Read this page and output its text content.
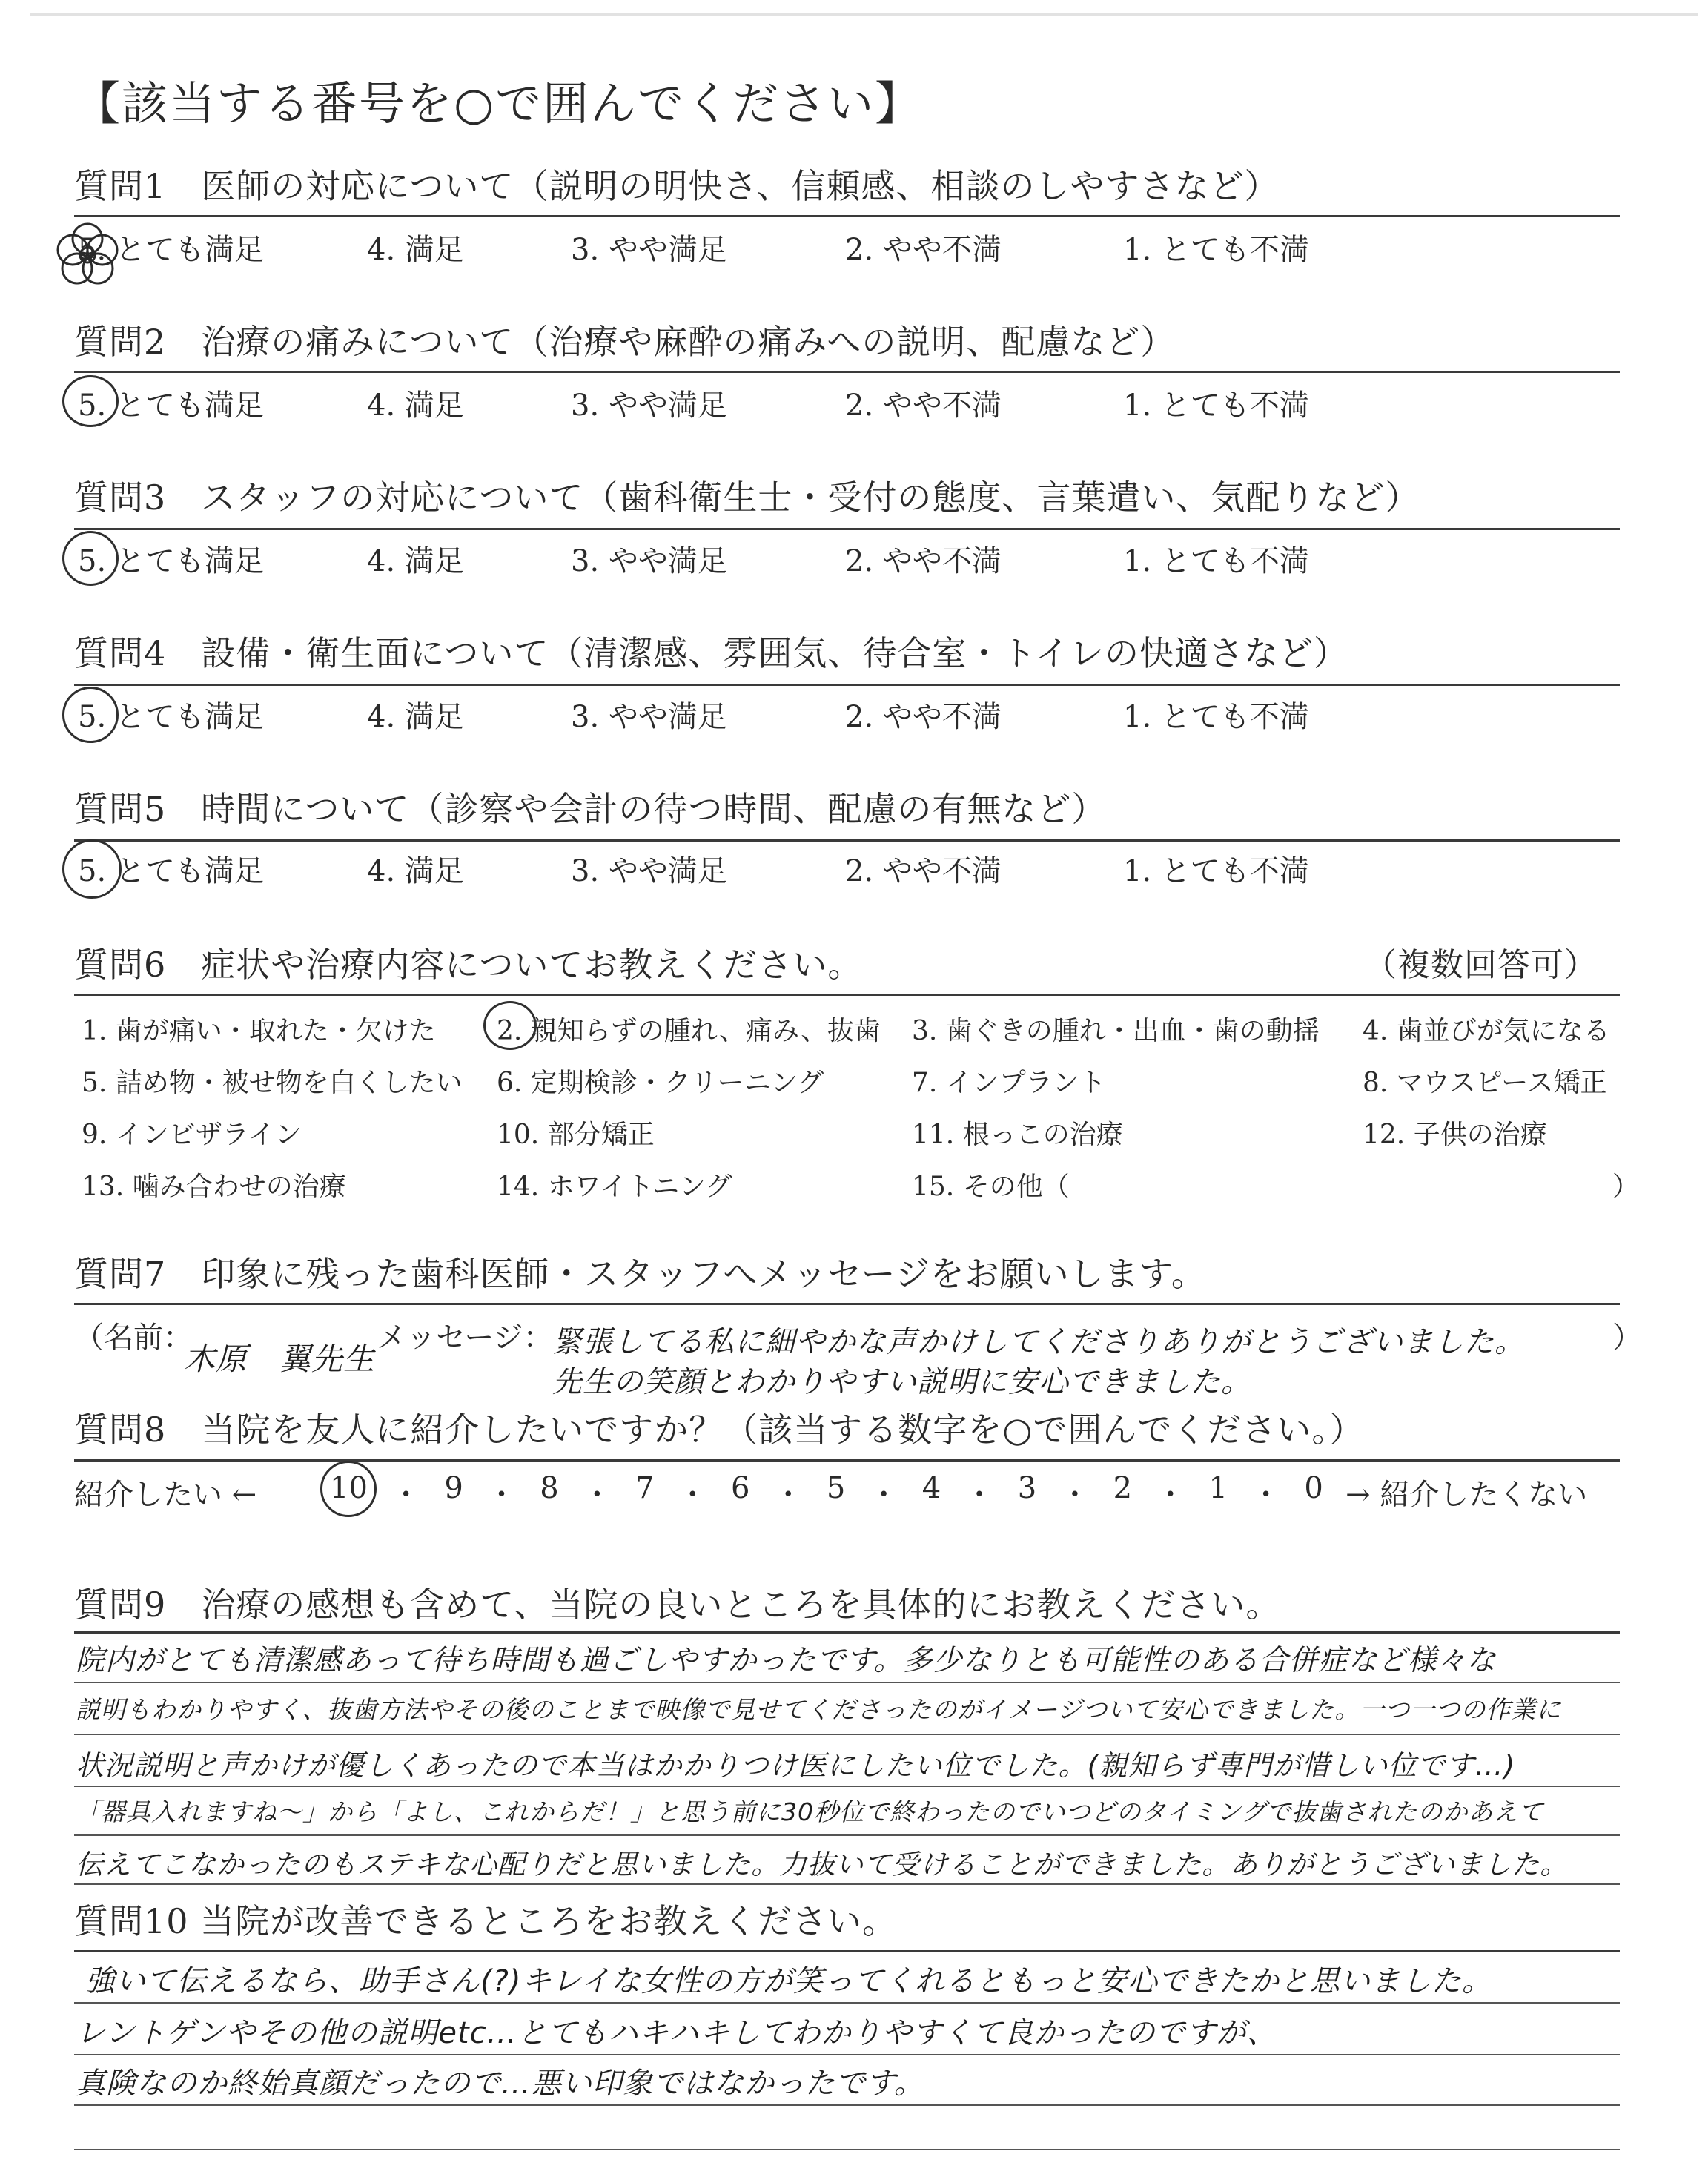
【該当する番号を○で囲んでください】
質問1　医師の対応について（説明の明快さ、信頼感、相談のしやすさなど）
5. とても満足	4. 満足	3. やや満足	2. やや不満	1. とても不満
質問2　治療の痛みについて（治療や麻酔の痛みへの説明、配慮など）
5. とても満足	4. 満足	3. やや満足	2. やや不満	1. とても不満
質問3　スタッフの対応について（歯科衛生士・受付の態度、言葉遣い、気配りなど）
5. とても満足	4. 満足	3. やや満足	2. やや不満	1. とても不満
質問4　設備・衛生面について（清潔感、雰囲気、待合室・トイレの快適さなど）
5. とても満足	4. 満足	3. やや満足	2. やや不満	1. とても不満
質問5　時間について（診察や会計の待つ時間、配慮の有無など）
5. とても満足	4. 満足	3. やや満足	2. やや不満	1. とても不満
質問6　症状や治療内容についてお教えください。	（複数回答可）
1. 歯が痛い・取れた・欠けた 2. 親知らずの腫れ、痛み、抜歯 3. 歯ぐきの腫れ・出血・歯の動揺 4. 歯並びが気になる
5. 詰め物・被せ物を白くしたい 6. 定期検診・クリーニング	7. インプラント	8. マウスピース矯正
9. インビザライン	10. 部分矯正	11. 根っこの治療	12. 子供の治療
13. 噛み合わせの治療	14. ホワイトニング	15. その他（	）
質問7　印象に残った歯科医師・スタッフへメッセージをお願いします。
（名前：
木原　翼先生
メッセージ： 緊張してる私に細やかな声かけしてくださりありがとうございました。
先生の笑顔とわかりやすい説明に安心できました。
）
質問8　当院を友人に紹介したいですか？（該当する数字を○で囲んでください。）
紹介したい ← 10 ・ 9 ・ 8 ・ 7 ・ 6 ・ 5 ・ 4 ・ 3 ・ 2 ・ 1 ・ 0 → 紹介したくない
質問9　治療の感想も含めて、当院の良いところを具体的にお教えください。
院内がとても清潔感あって待ち時間も過ごしやすかったです。多少なりとも可能性のある合併症など様々な
説明もわかりやすく、抜歯方法やその後のことまで映像で見せてくださったのがイメージついて安心できました。一つ一つの作業に
状況説明と声かけが優しくあったので本当はかかりつけ医にしたい位でした。(親知らず専門が惜しい位です…)
「器具入れますね～」から「よし、これからだ！」と思う前に30秒位で終わったのでいつどのタイミングで抜歯されたのかあえて
伝えてこなかったのもステキな心配りだと思いました。力抜いて受けることができました。ありがとうございました。
質問10 当院が改善できるところをお教えください。
強いて伝えるなら、助手さん(?)キレイな女性の方が笑ってくれるともっと安心できたかと思いました。
レントゲンやその他の説明etc…とてもハキハキしてわかりやすくて良かったのですが、
真険なのか終始真顔だったので…悪い印象ではなかったです。
